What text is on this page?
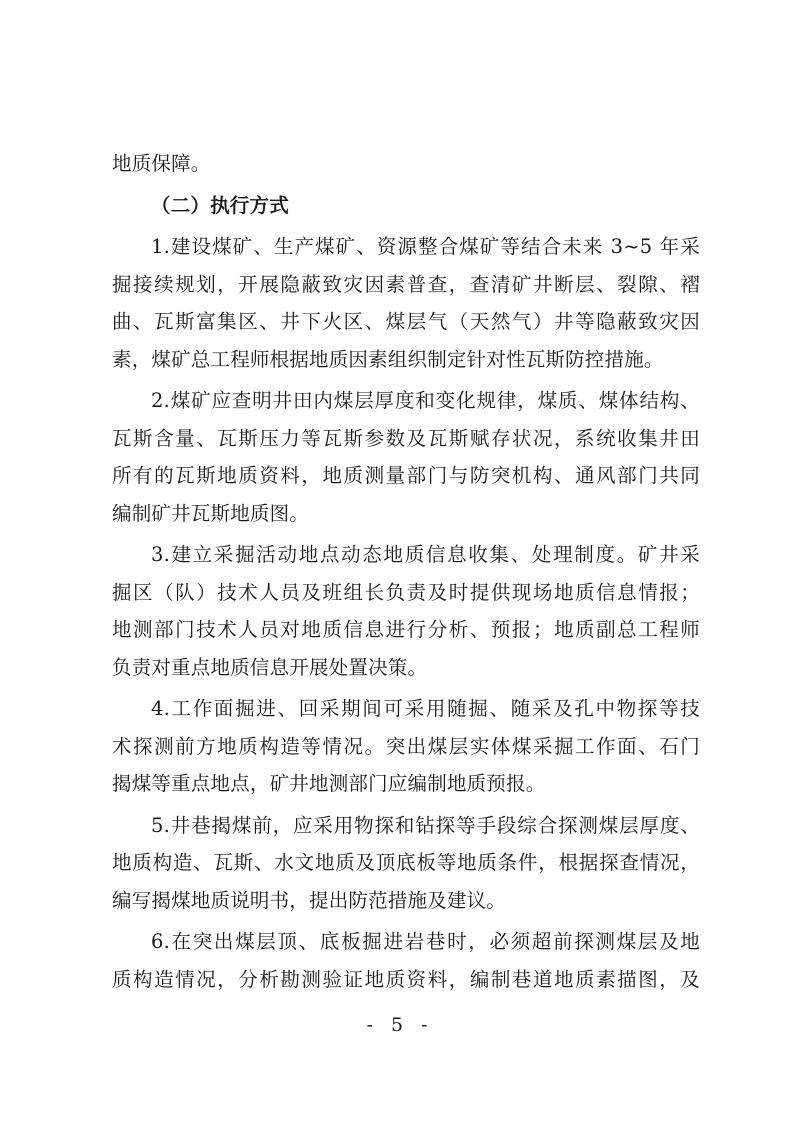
地质保障。
（二）执行方式
1.建设煤矿、生产煤矿、资源整合煤矿等结合未来 3~5 年采
掘接续规划，开展隐蔽致灾因素普查，查清矿井断层、裂隙、褶
曲、瓦斯富集区、井下火区、煤层气（天然气）井等隐蔽致灾因
素，煤矿总工程师根据地质因素组织制定针对性瓦斯防控措施。
2.煤矿应查明井田内煤层厚度和变化规律，煤质、煤体结构、
瓦斯含量、瓦斯压力等瓦斯参数及瓦斯赋存状况，系统收集井田
所有的瓦斯地质资料，地质测量部门与防突机构、通风部门共同
编制矿井瓦斯地质图。
3.建立采掘活动地点动态地质信息收集、处理制度。矿井采
掘区（队）技术人员及班组长负责及时提供现场地质信息情报；
地测部门技术人员对地质信息进行分析、预报；地质副总工程师
负责对重点地质信息开展处置决策。
4.工作面掘进、回采期间可采用随掘、随采及孔中物探等技
术探测前方地质构造等情况。突出煤层实体煤采掘工作面、石门
揭煤等重点地点，矿井地测部门应编制地质预报。
5.井巷揭煤前，应采用物探和钻探等手段综合探测煤层厚度、
地质构造、瓦斯、水文地质及顶底板等地质条件，根据探查情况，
编写揭煤地质说明书，提出防范措施及建议。
6.在突出煤层顶、底板掘进岩巷时，必须超前探测煤层及地
质构造情况，分析勘测验证地质资料，编制巷道地质素描图，及
- 5 -
